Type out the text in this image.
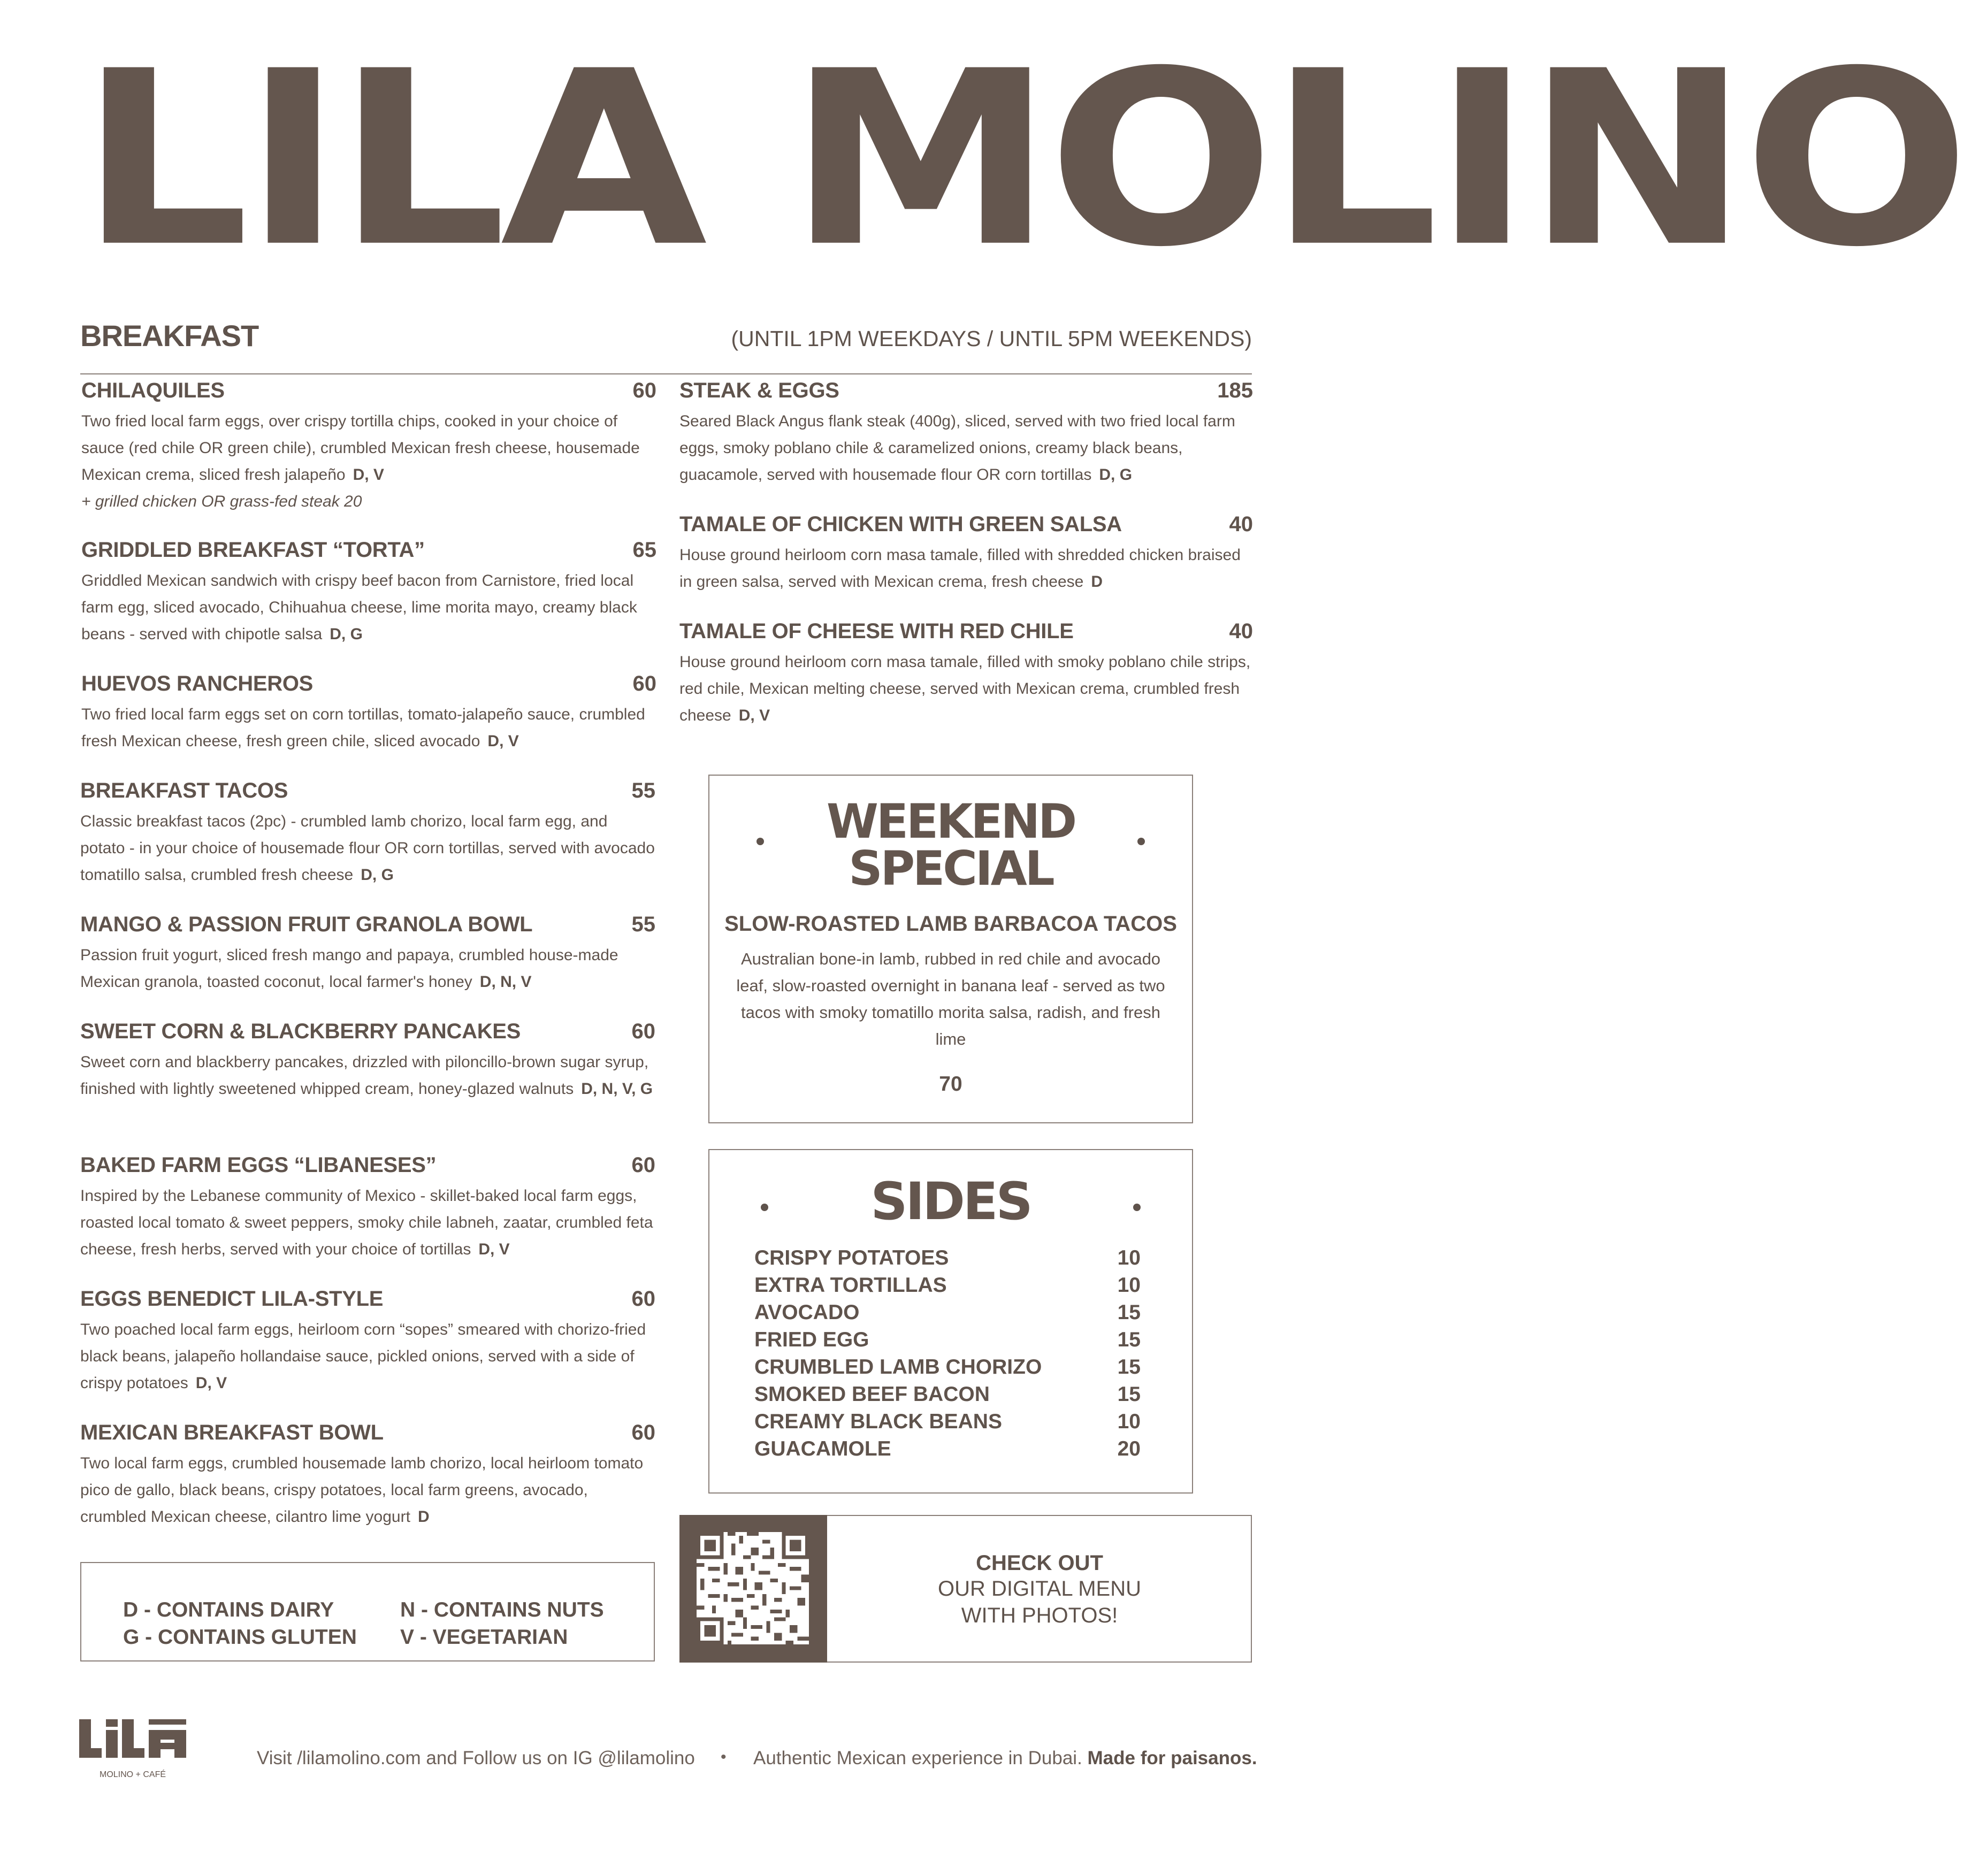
LILA MOLINO
BREAKFAST	(UNTIL 1PM WEEKDAYS / UNTIL 5PM WEEKENDS)
CHILAQUILES	60
Two fried local farm eggs, over crispy tortilla chips, cooked in your choice of sauce (red chile OR green chile), crumbled Mexican fresh cheese, housemade Mexican crema, sliced fresh jalapeño D, V
+ grilled chicken OR grass-fed steak 20
GRIDDLED BREAKFAST “TORTA”	65
Griddled Mexican sandwich with crispy beef bacon from Carnistore, fried local farm egg, sliced avocado, Chihuahua cheese, lime morita mayo, creamy black beans - served with chipotle salsa D, G
HUEVOS RANCHEROS	60
Two fried local farm eggs set on corn tortillas, tomato-jalapeño sauce, crumbled fresh Mexican cheese, fresh green chile, sliced avocado D, V
BREAKFAST TACOS	55
Classic breakfast tacos (2pc) - crumbled lamb chorizo, local farm egg, and potato - in your choice of housemade flour OR corn tortillas, served with avocado tomatillo salsa, crumbled fresh cheese D, G
MANGO & PASSION FRUIT GRANOLA BOWL	55
Passion fruit yogurt, sliced fresh mango and papaya, crumbled house-made Mexican granola, toasted coconut, local farmer's honey D, N, V
SWEET CORN & BLACKBERRY PANCAKES	60
Sweet corn and blackberry pancakes, drizzled with piloncillo-brown sugar syrup, finished with lightly sweetened whipped cream, honey-glazed walnuts D, N, V, G
BAKED FARM EGGS “LIBANESES”	60
Inspired by the Lebanese community of Mexico - skillet-baked local farm eggs, roasted local tomato & sweet peppers, smoky chile labneh, zaatar, crumbled feta cheese, fresh herbs, served with your choice of tortillas D, V
EGGS BENEDICT LILA-STYLE	60
Two poached local farm eggs, heirloom corn “sopes” smeared with chorizo-fried black beans, jalapeño hollandaise sauce, pickled onions, served with a side of crispy potatoes D, V
MEXICAN BREAKFAST BOWL	60
Two local farm eggs, crumbled housemade lamb chorizo, local heirloom tomato pico de gallo, black beans, crispy potatoes, local farm greens, avocado, crumbled Mexican cheese, cilantro lime yogurt D
STEAK & EGGS	185
Seared Black Angus flank steak (400g), sliced, served with two fried local farm eggs, smoky poblano chile & caramelized onions, creamy black beans, guacamole, served with housemade flour OR corn tortillas D, G
TAMALE OF CHICKEN WITH GREEN SALSA	40
House ground heirloom corn masa tamale, filled with shredded chicken braised in green salsa, served with Mexican crema, fresh cheese D
TAMALE OF CHEESE WITH RED CHILE	40
House ground heirloom corn masa tamale, filled with smoky poblano chile strips, red chile, Mexican melting cheese, served with Mexican crema, crumbled fresh cheese D, V
WEEKEND
SPECIAL
SLOW-ROASTED LAMB BARBACOA TACOS
Australian bone-in lamb, rubbed in red chile and avocado leaf, slow-roasted overnight in banana leaf - served as two tacos with smoky tomatillo morita salsa, radish, and fresh lime
70
SIDES
CRISPY POTATOES	10
EXTRA TORTILLAS	10
AVOCADO	15
FRIED EGG	15
CRUMBLED LAMB CHORIZO	15
SMOKED BEEF BACON	15
CREAMY BLACK BEANS	10
GUACAMOLE	20
D - CONTAINS DAIRY	N - CONTAINS NUTS
G - CONTAINS GLUTEN	V - VEGETARIAN
CHECK OUT
OUR DIGITAL MENU
WITH PHOTOS!
MOLINO + CAFÉ
Visit /lilamolino.com and Follow us on IG @lilamolino • Authentic Mexican experience in Dubai. Made for paisanos.
